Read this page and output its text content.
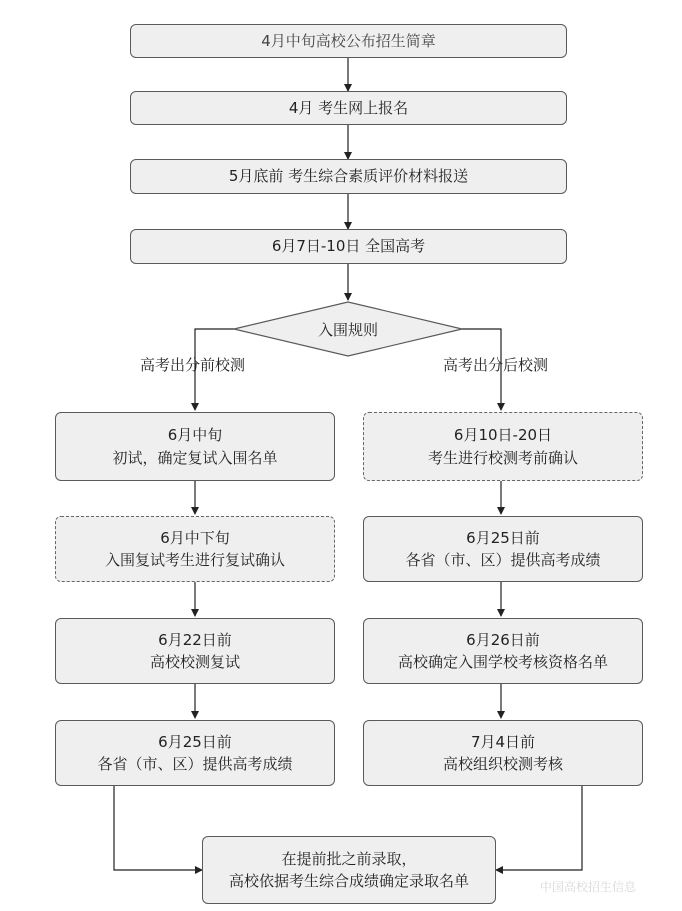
4月中旬高校公布招生简章
4月 考生网上报名
5月底前 考生综合素质评价材料报送
6月7日-10日 全国高考
入围规则
高考出分前校测	高考出分后校测
6月中旬
初试，确定复试入围名单
6月中下旬
入围复试考生进行复试确认
6月22日前
高校校测复试
6月25日前
各省（市、区）提供高考成绩
6月10日-20日
考生进行校测考前确认
6月25日前
各省（市、区）提供高考成绩
6月26日前
高校确定入围学校考核资格名单
7月4日前
高校组织校测考核
在提前批之前录取，
高校依据考生综合成绩确定录取名单	中国高校招生信息
